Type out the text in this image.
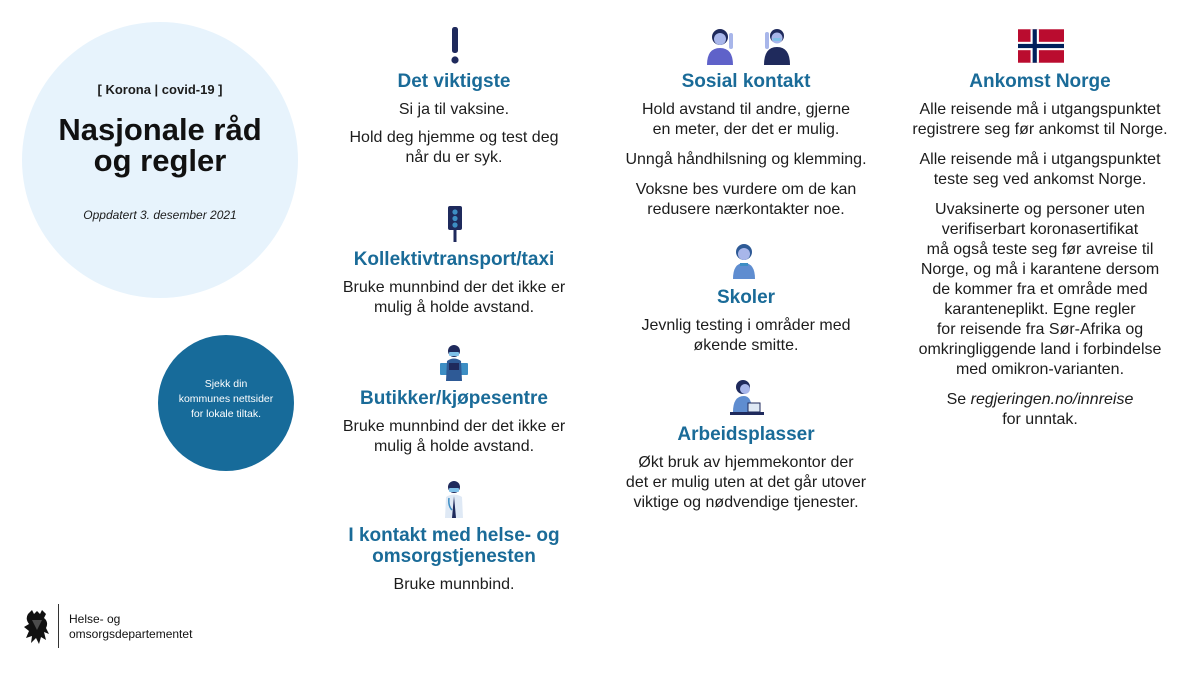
[ Korona | covid-19 ]
Nasjonale råd
og regler
Oppdatert 3. desember 2021
Sjekk din
kommunes nettsider
for lokale tiltak.
Det viktigste

Si ja til vaksine.

Hold deg hjemme og test deg

når du er syk.

Kollektivtransport/taxi

Bruke munnbind der det ikke er

mulig å holde avstand.

Butikker/kjøpesentre

Bruke munnbind der det ikke er

mulig å holde avstand.

I kontakt med helse- og
omsorgstjenesten

Bruke munnbind.

Sosial kontakt

Hold avstand til andre, gjerne

en meter, der det er mulig.

Unngå håndhilsning og klemming.

Voksne bes vurdere om de kan

redusere nærkontakter noe.

Skoler

Jevnlig testing i områder med

økende smitte.

Arbeidsplasser

Økt bruk av hjemmekontor der

det er mulig uten at det går utover

viktige og nødvendige tjenester.

Ankomst Norge

Alle reisende må i utgangspunktet

registrere seg før ankomst til Norge.

Alle reisende må i utgangspunktet

teste seg ved ankomst Norge.

Uvaksinerte og personer uten

verifiserbart koronasertifikat

må også teste seg før avreise til

Norge, og må i karantene dersom

de kommer fra et område med

karanteneplikt. Egne regler

for reisende fra Sør-Afrika og

omkringliggende land i forbindelse

med omikron-varianten.

Se regjeringen.no/innreise

for unntak.

Helse- og
omsorgsdepartementet
